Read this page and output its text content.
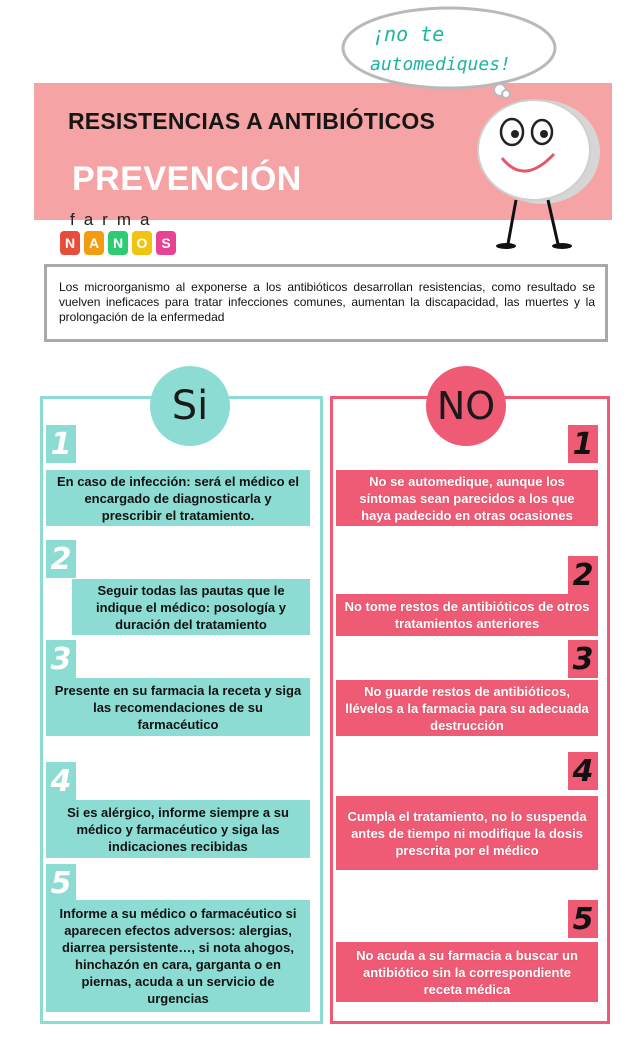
RESISTENCIAS A ANTIBIÓTICOS
PREVENCIÓN
¡no te
automediques!
farma
N A N O S
Los microorganismo al exponerse a los antibióticos desarrollan resistencias, como resultado se vuelven ineficaces para tratar infecciones comunes, aumentan la discapacidad, las muertes y la prolongación de la enfermedad
Si	NO
1
En caso de infección: será el médico el encargado de diagnosticarla y prescribir el tratamiento.
2
Seguir todas las pautas que le indique el médico: posología y duración del tratamiento
3
Presente en su farmacia la receta y siga las recomendaciones de su farmacéutico
4
Si es alérgico, informe siempre a su médico y farmacéutico y siga las indicaciones recibidas
5
Informe a su médico o farmacéutico si aparecen efectos adversos: alergias, diarrea persistente…, si nota ahogos, hinchazón en cara, garganta o en piernas, acuda a un servicio de urgencias
1
No se automedique, aunque los síntomas sean parecidos a los que haya padecido en otras ocasiones
2
No tome restos de antibióticos de otros tratamientos anteriores
3
No guarde restos de antibióticos, llévelos a la farmacia para su adecuada destrucción
4
Cumpla el tratamiento, no lo suspenda antes de tiempo ni modifique la dosis prescrita por el médico
5
No acuda a su farmacia a buscar un antibiótico sin la correspondiente receta médica
